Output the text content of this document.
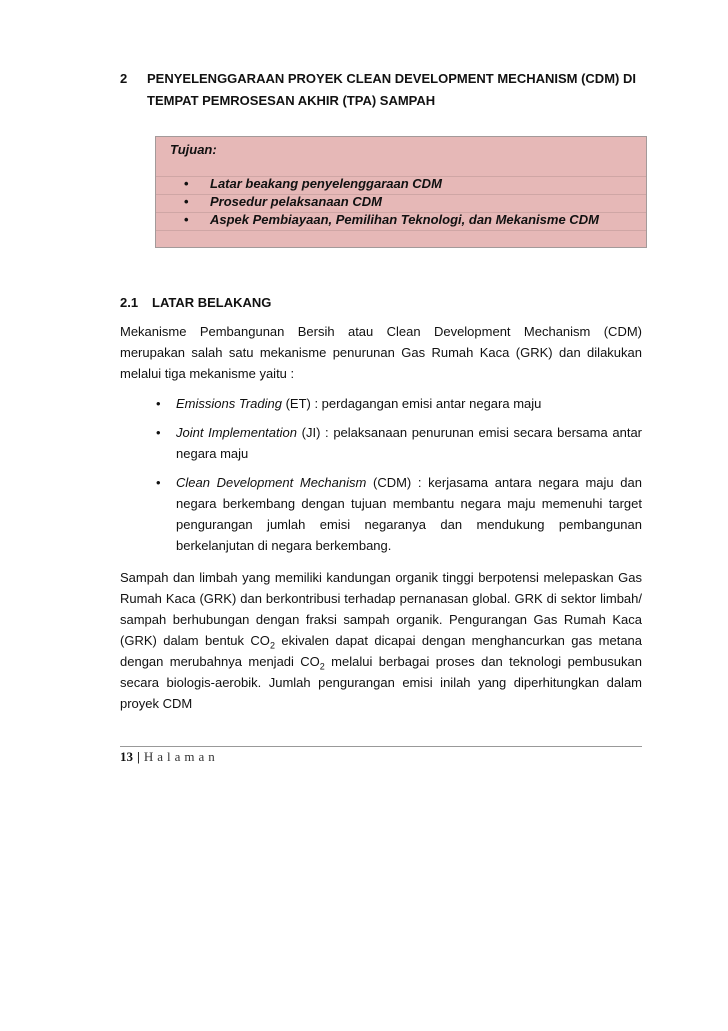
2 PENYELENGGARAAN PROYEK CLEAN DEVELOPMENT MECHANISM (CDM) DI TEMPAT PEMROSESAN AKHIR (TPA) SAMPAH
Tujuan:
• Latar beakang penyelenggaraan CDM
• Prosedur pelaksanaan CDM
• Aspek Pembiayaan, Pemilihan Teknologi, dan Mekanisme CDM
2.1 LATAR BELAKANG
Mekanisme Pembangunan Bersih atau Clean Development Mechanism (CDM) merupakan salah satu mekanisme penurunan Gas Rumah Kaca (GRK) dan dilakukan melalui tiga mekanisme yaitu :
• Emissions Trading (ET) : perdagangan emisi antar negara maju
• Joint Implementation (JI) : pelaksanaan penurunan emisi secara bersama antar negara maju
• Clean Development Mechanism (CDM) : kerjasama antara negara maju dan negara berkembang dengan tujuan membantu negara maju memenuhi target pengurangan jumlah emisi negaranya dan mendukung pembangunan berkelanjutan di negara berkembang.
Sampah dan limbah yang memiliki kandungan organik tinggi berpotensi melepaskan Gas Rumah Kaca (GRK) dan berkontribusi terhadap pernanasan global. GRK di sektor limbah/ sampah berhubungan dengan fraksi sampah organik. Pengurangan Gas Rumah Kaca (GRK) dalam bentuk $CO_2$ ekivalen dapat dicapai dengan menghancurkan gas metana dengan merubahnya menjadi $CO_2$ melalui berbagai proses dan teknologi pembusukan secara biologis-aerobik. Jumlah pengurangan emisi inilah yang diperhitungkan dalam proyek CDM
13 | Halaman
